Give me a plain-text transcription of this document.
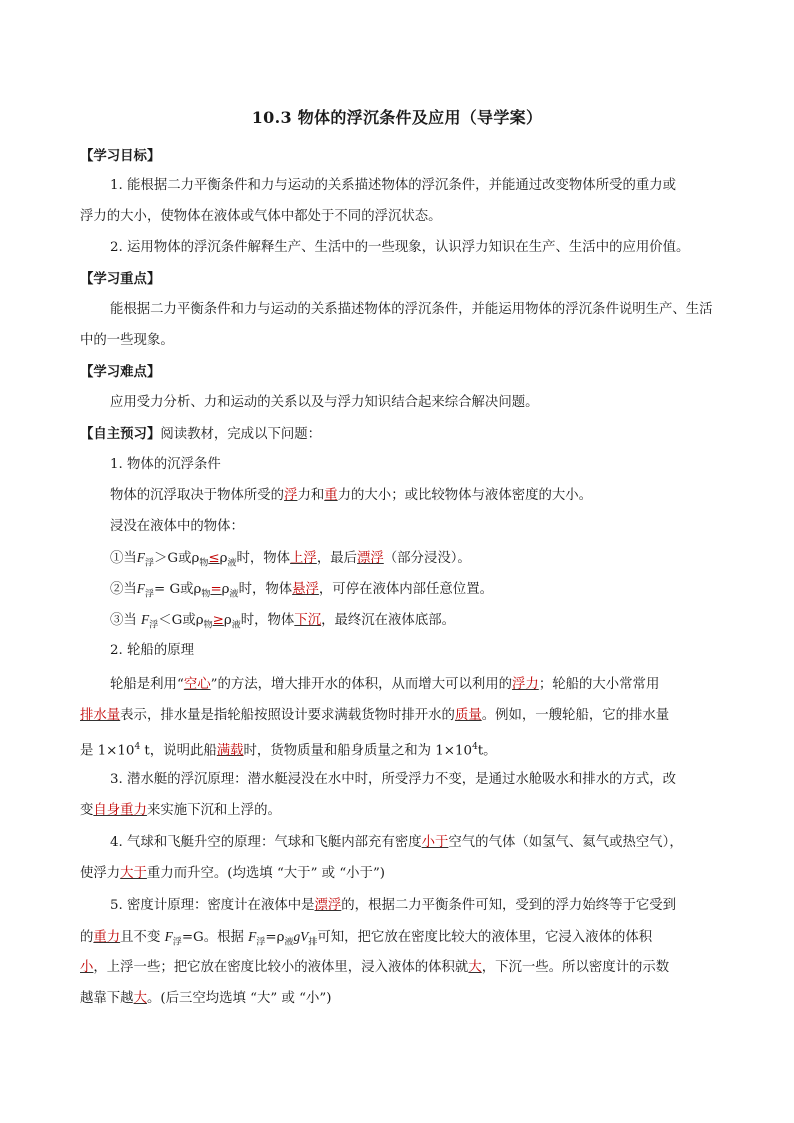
10.3 物体的浮沉条件及应用（导学案）
【学习目标】
1. 能根据二力平衡条件和力与运动的关系描述物体的浮沉条件，并能通过改变物体所受的重力或
浮力的大小，使物体在液体或气体中都处于不同的浮沉状态。
2. 运用物体的浮沉条件解释生产、生活中的一些现象，认识浮力知识在生产、生活中的应用价值。
【学习重点】
能根据二力平衡条件和力与运动的关系描述物体的浮沉条件，并能运用物体的浮沉条件说明生产、生活
中的一些现象。
【学习难点】
应用受力分析、力和运动的关系以及与浮力知识结合起来综合解决问题。
【自主预习】阅读教材，完成以下问题：
1. 物体的沉浮条件
物体的沉浮取决于物体所受的浮力和重力的大小；或比较物体与液体密度的大小。
浸没在液体中的物体：
①当$F_浮>G$或$\rho_物\le\rho_液$时，物体上浮，最后漂浮（部分浸没）。
②当$F_浮= G$或$\rho_物=\rho_液$时，物体悬浮，可停在液体内部任意位置。
③当 $F_浮<G$或$\rho_物\ge\rho_液$时，物体下沉，最终沉在液体底部。
2. 轮船的原理
轮船是利用“空心”的方法，增大排开水的体积，从而增大可以利用的浮力；轮船的大小常常用
排水量表示，排水量是指轮船按照设计要求满载货物时排开水的质量。例如，一艘轮船，它的排水量
是 $1\times 10^4$ t，说明此船满载时，货物质量和船身质量之和为 $1\times 10^4t$。
3. 潜水艇的浮沉原理：潜水艇浸没在水中时，所受浮力不变，是通过水舱吸水和排水的方式，改
变自身重力来实施下沉和上浮的。
4. 气球和飞艇升空的原理：气球和飞艇内部充有密度小于空气的气体（如氢气、氦气或热空气），
使浮力大于重力而升空。(均选填 “大于” 或 “小于”)
5. 密度计原理：密度计在液体中是漂浮的，根据二力平衡条件可知，受到的浮力始终等于它受到
的重力且不变 $F_浮=G$。根据 $F_浮=\rho_液gV_排$可知，把它放在密度比较大的液体里，它浸入液体的体积
小，上浮一些；把它放在密度比较小的液体里，浸入液体的体积就大，下沉一些。所以密度计的示数
越靠下越大。(后三空均选填 “大” 或 “小”)
